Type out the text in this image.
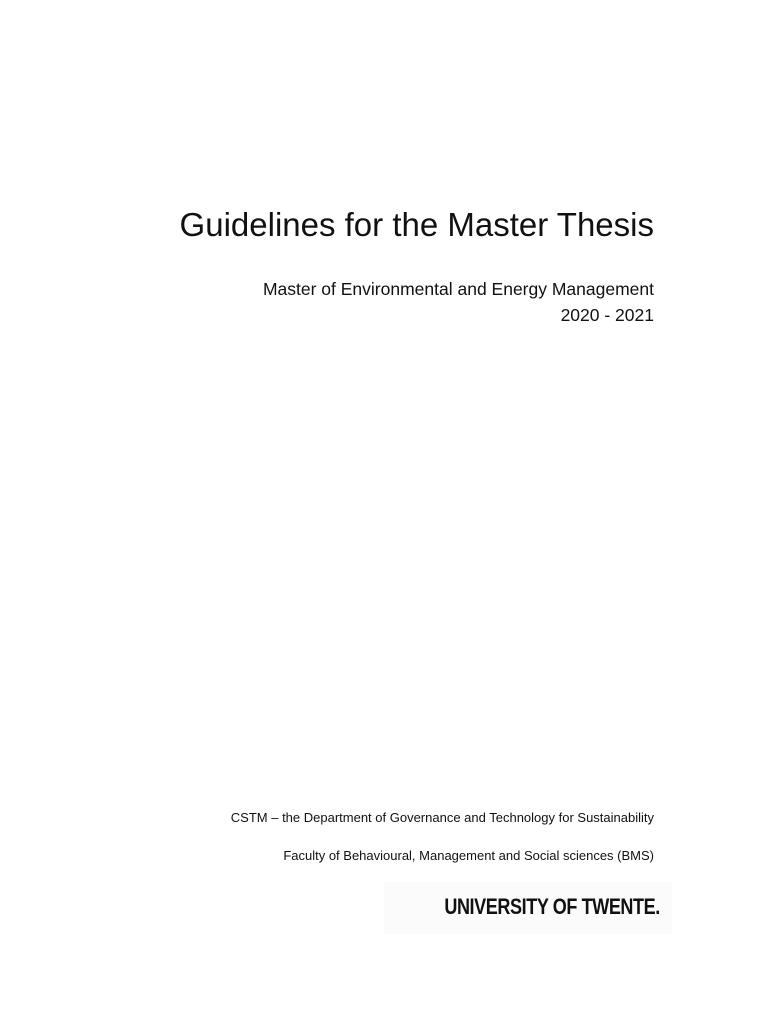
Guidelines for the Master Thesis
Master of Environmental and Energy Management
2020 - 2021
CSTM – the Department of Governance and Technology for Sustainability
Faculty of Behavioural, Management and Social sciences (BMS)
UNIVERSITY OF TWENTE.
